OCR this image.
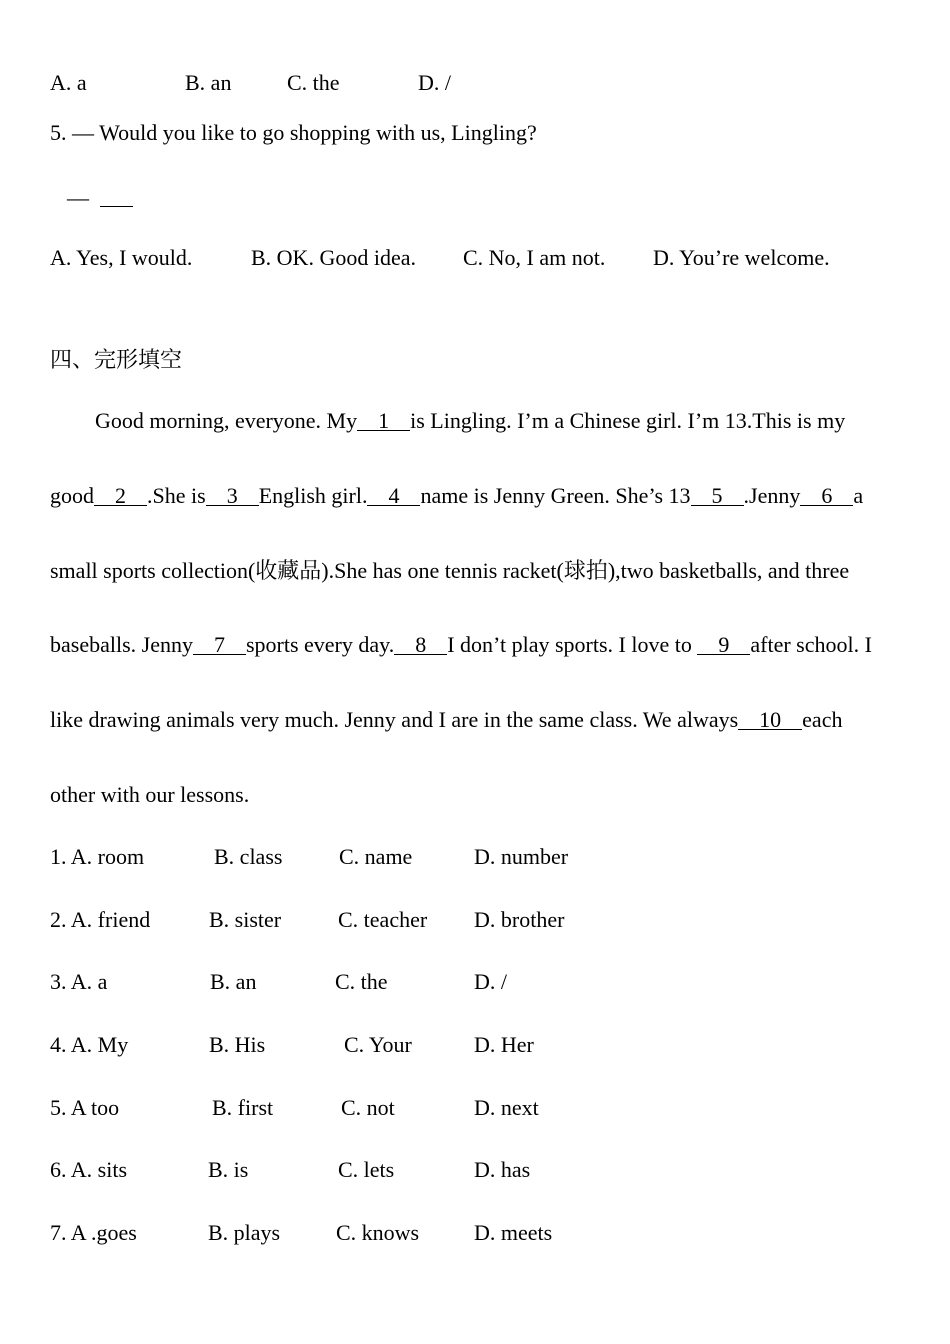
A. a	B. an	C. the	D. /
5. — Would you like to go shopping with us, Lingling?
—
A. Yes, I would.	B. OK. Good idea. C. No, I am not. D. You’re welcome.
四、完形填空
Good morning, everyone. My 1 is Lingling. I’m a Chinese girl. I’m 13.This is my
good 2 .She is 3 English girl. 4 name is Jenny Green. She’s 13 5 .Jenny 6 a
small sports collection(收藏品).She has one tennis racket(球拍),two basketballs, and three
baseballs. Jenny 7 sports every day. 8 I don’t play sports. I love to 9 after school. I
like drawing animals very much. Jenny and I are in the same class. We always 10 each
other with our lessons.
1. A. room	B. class	C. name	D. number
2. A. friend	B. sister	C. teacher D. brother
3. A. a	B. an	C. the	D. /
4. A. My	B. His	C. Your	D. Her
5. A too	B. first	C. not	D. next
6. A. sits	B. is	C. lets	D. has
7. A .goes	B. plays	C. knows D. meets
